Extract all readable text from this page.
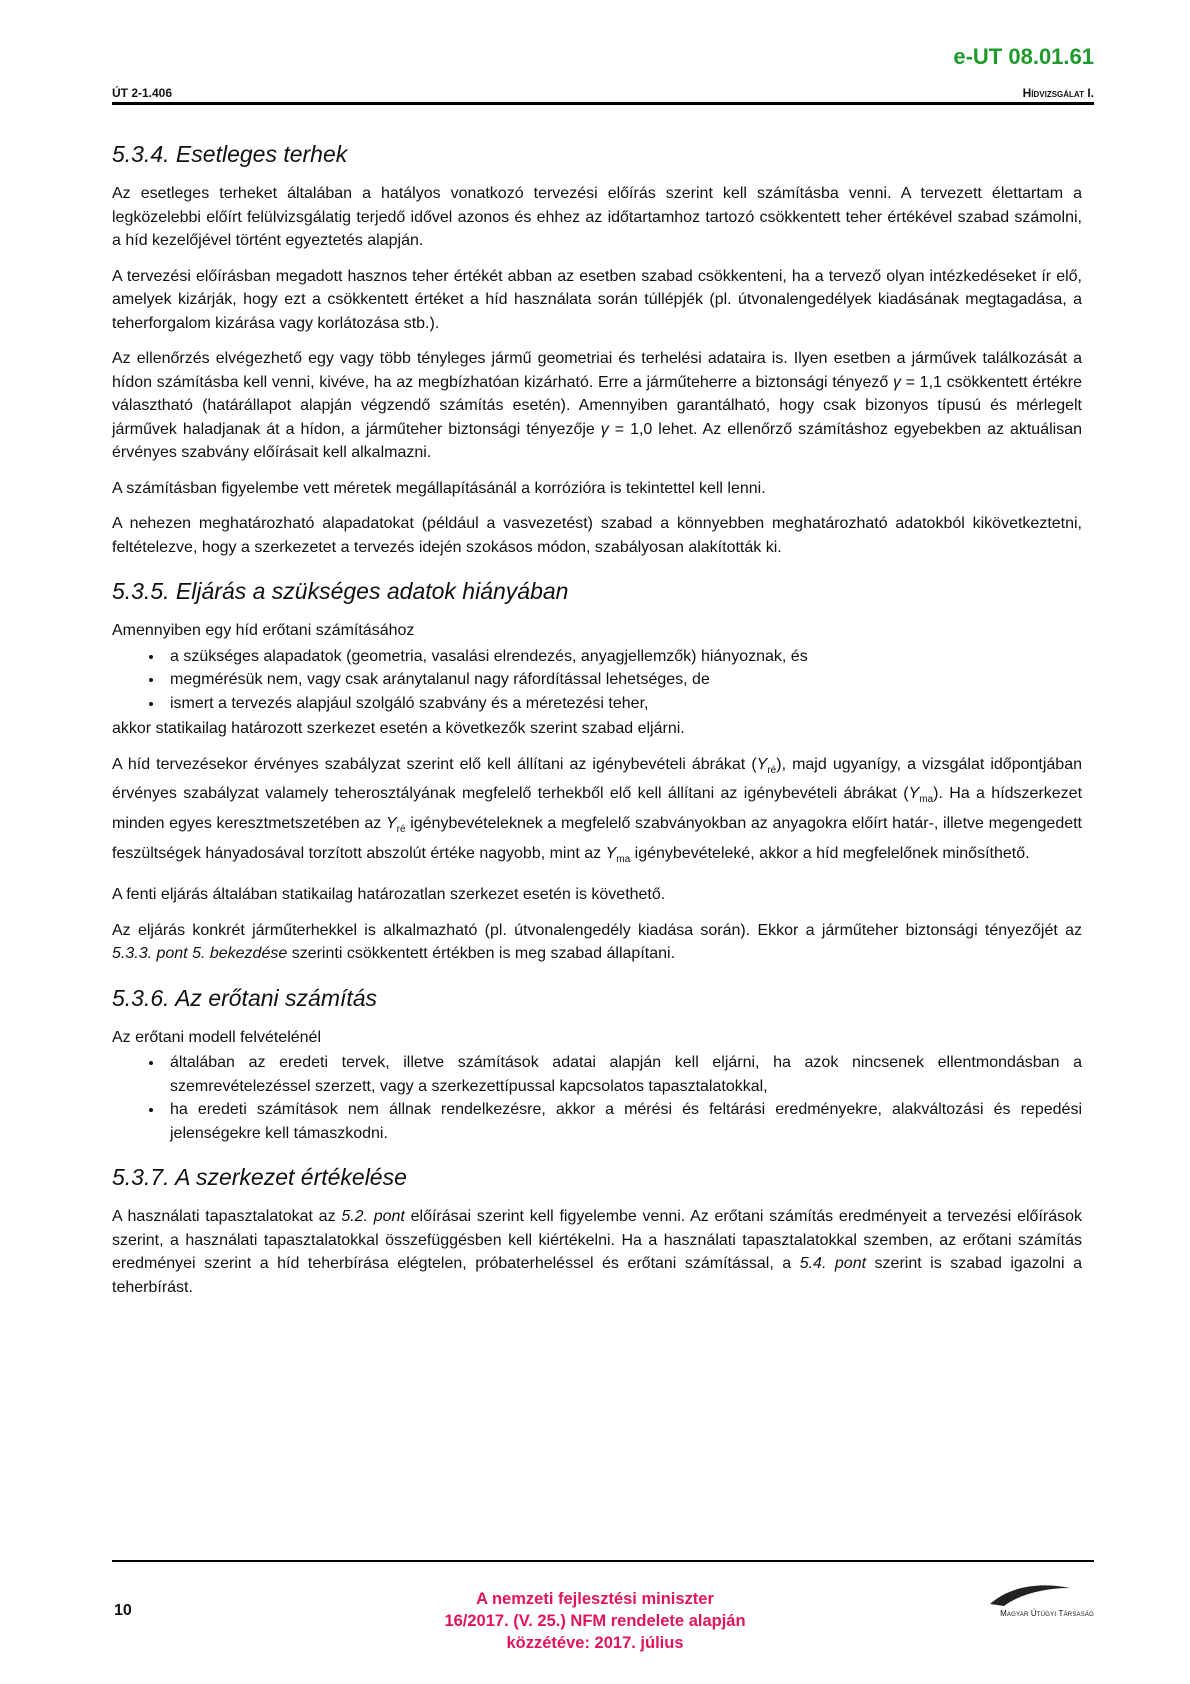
e-UT 08.01.61
ÚT 2-1.406	Hídvizsgálat I.
5.3.4. Esetleges terhek

Az esetleges terheket általában a hatályos vonatkozó tervezési előírás szerint kell számításba venni. A tervezett élettartam a legközelebbi előírt felülvizsgálatig terjedő idővel azonos és ehhez az időtartamhoz tartozó csökkentett teher értékével szabad számolni, a híd kezelőjével történt egyeztetés alapján.

A tervezési előírásban megadott hasznos teher értékét abban az esetben szabad csökkenteni, ha a tervező olyan intézkedéseket ír elő, amelyek kizárják, hogy ezt a csökkentett értéket a híd használata során túllépjék (pl. útvonalengedélyek kiadásának megtagadása, a teherforgalom kizárása vagy korlátozása stb.).

Az ellenőrzés elvégezhető egy vagy több tényleges jármű geometriai és terhelési adataira is. Ilyen esetben a járművek találkozását a hídon számításba kell venni, kivéve, ha az megbízhatóan kizárható. Erre a járműteherre a biztonsági tényező γ = 1,1 csökkentett értékre választható (határállapot alapján végzendő számítás esetén). Amennyiben garantálható, hogy csak bizonyos típusú és mérlegelt járművek haladjanak át a hídon, a járműteher biztonsági tényezője γ = 1,0 lehet. Az ellenőrző számításhoz egyebekben az aktuálisan érvényes szabvány előírásait kell alkalmazni.

A számításban figyelembe vett méretek megállapításánál a korrózióra is tekintettel kell lenni.

A nehezen meghatározható alapadatokat (például a vasvezetést) szabad a könnyebben meghatározható adatokból kikövetkeztetni, feltételezve, hogy a szerkezetet a tervezés idején szokásos módon, szabályosan alakították ki.

5.3.5. Eljárás a szükséges adatok hiányában

Amennyiben egy híd erőtani számításához

• a szükséges alapadatok (geometria, vasalási elrendezés, anyagjellemzők) hiányoznak, és
• megmérésük nem, vagy csak aránytalanul nagy ráfordítással lehetséges, de
• ismert a tervezés alapjául szolgáló szabvány és a méretezési teher,

akkor statikailag határozott szerkezet esetén a következők szerint szabad eljárni.

A híd tervezésekor érvényes szabályzat szerint elő kell állítani az igénybevételi ábrákat $(Y_{ré})$, majd ugyanígy, a vizsgálat időpontjában érvényes szabályzat valamely teherosztályának megfelelő terhekből elő kell állítani az igénybevételi ábrákat $(Y_{ma})$. Ha a hídszerkezet minden egyes keresztmetszetében az $Y_{ré}$ igénybevételeknek a megfelelő szabványokban az anyagokra előírt határ-, illetve megengedett feszültségek hányadosával torzított abszolút értéke nagyobb, mint az $Y_{ma}$ igénybevételeké, akkor a híd megfelelőnek minősíthető.

A fenti eljárás általában statikailag határozatlan szerkezet esetén is követhető.

Az eljárás konkrét járműterhekkel is alkalmazható (pl. útvonalengedély kiadása során). Ekkor a járműteher biztonsági tényezőjét az 5.3.3. pont 5. bekezdése szerinti csökkentett értékben is meg szabad állapítani.

5.3.6. Az erőtani számítás

Az erőtani modell felvételénél

• általában az eredeti tervek, illetve számítások adatai alapján kell eljárni, ha azok nincsenek ellentmondásban a szemrevételezéssel szerzett, vagy a szerkezettípussal kapcsolatos tapasztalatokkal,
• ha eredeti számítások nem állnak rendelkezésre, akkor a mérési és feltárási eredményekre, alakváltozási és repedési jelenségekre kell támaszkodni.
5.3.7. A szerkezet értékelése

A használati tapasztalatokat az 5.2. pont előírásai szerint kell figyelembe venni. Az erőtani számítás eredményeit a tervezési előírások szerint, a használati tapasztalatokkal összefüggésben kell kiértékelni. Ha a használati tapasztalatokkal szemben, az erőtani számítás eredményei szerint a híd teherbírása elégtelen, próbaterheléssel és erőtani számítással, a 5.4. pont szerint is szabad igazolni a teherbírást.

10
A nemzeti fejlesztési miniszter
16/2017. (V. 25.) NFM rendelete alapján
közzétéve: 2017. július
Magyar Útügyi Társaság
